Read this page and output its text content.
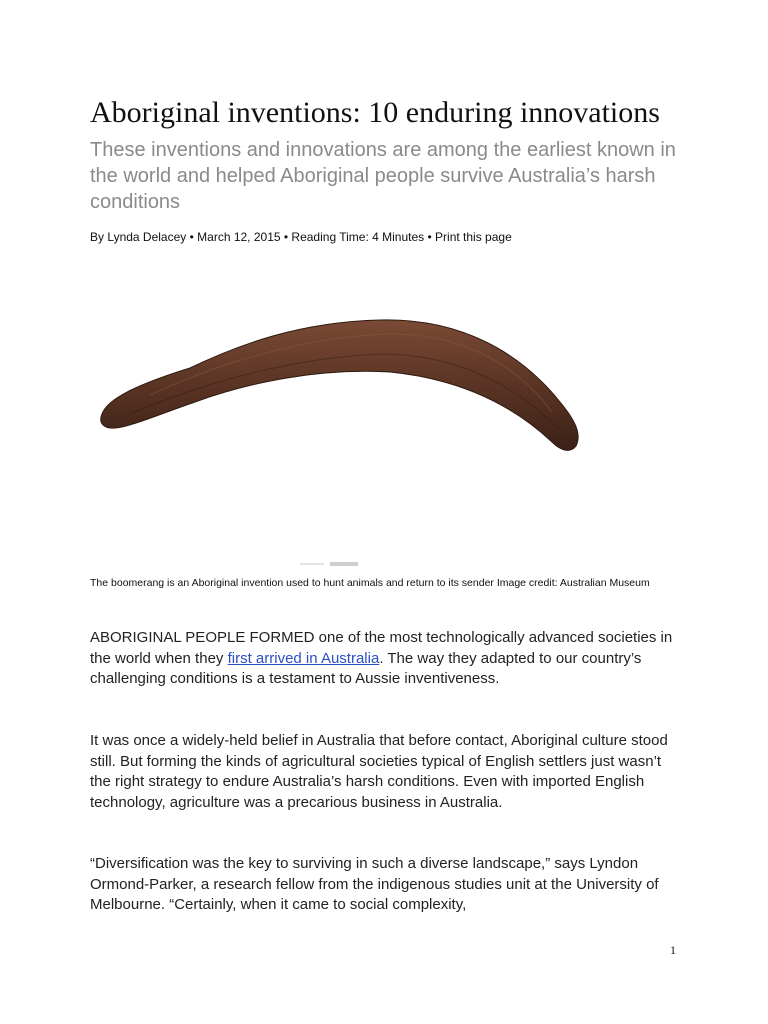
Aboriginal inventions: 10 enduring innovations

These inventions and innovations are among the earliest known in the world and helped Aboriginal people survive Australia’s harsh conditions

By Lynda Delacey • March 12, 2015 • Reading Time: 4 Minutes • Print this page

The boomerang is an Aboriginal invention used to hunt animals and return to its sender Image credit: Australian Museum

ABORIGINAL PEOPLE FORMED one of the most technologically advanced societies in the world when they first arrived in Australia. The way they adapted to our country’s challenging conditions is a testament to Aussie inventiveness.

It was once a widely-held belief in Australia that before contact, Aboriginal culture stood still. But forming the kinds of agricultural societies typical of English settlers just wasn’t the right strategy to endure Australia’s harsh conditions. Even with imported English technology, agriculture was a precarious business in Australia.

“Diversification was the key to surviving in such a diverse landscape,” says Lyndon Ormond-Parker, a research fellow from the indigenous studies unit at the University of Melbourne. “Certainly, when it came to social complexity,

1
